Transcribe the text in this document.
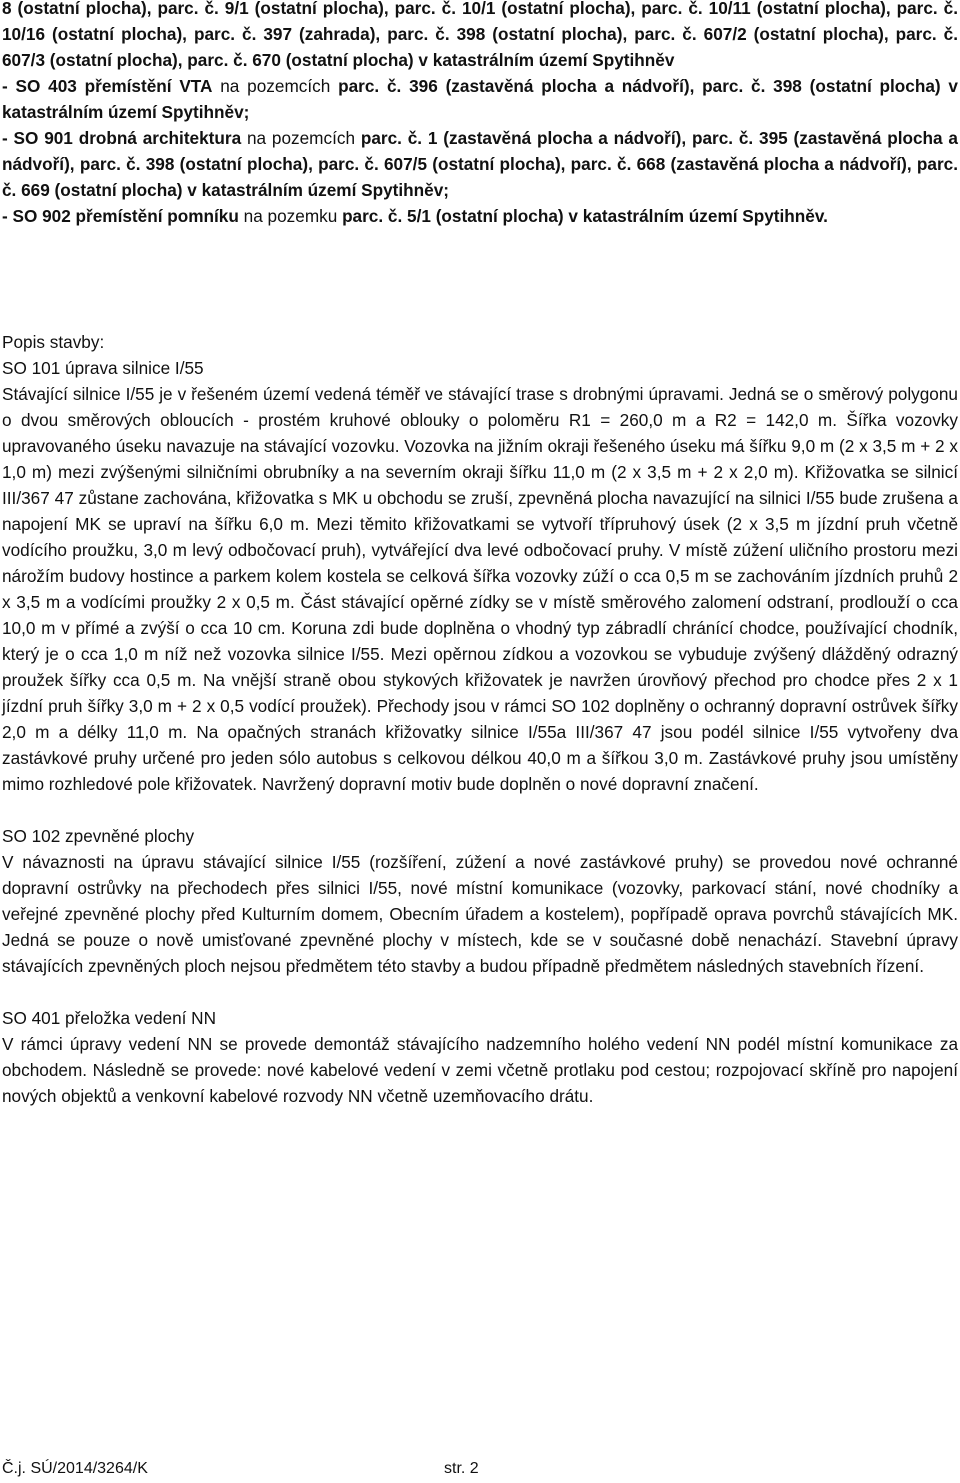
8 (ostatní plocha), parc. č. 9/1 (ostatní plocha), parc. č. 10/1 (ostatní plocha), parc. č. 10/11 (ostatní plocha), parc. č. 10/16 (ostatní plocha), parc. č. 397 (zahrada), parc. č. 398 (ostatní plocha), parc. č. 607/2 (ostatní plocha), parc. č. 607/3 (ostatní plocha), parc. č. 670 (ostatní plocha) v katastrálním území Spytihněv
- SO 403 přemístění VTA na pozemcích parc. č. 396 (zastavěná plocha a nádvoří), parc. č. 398 (ostatní plocha) v katastrálním území Spytihněv;
- SO 901 drobná architektura na pozemcích parc. č. 1 (zastavěná plocha a nádvoří), parc. č. 395 (zastavěná plocha a nádvoří), parc. č. 398 (ostatní plocha), parc. č. 607/5 (ostatní plocha), parc. č. 668 (zastavěná plocha a nádvoří), parc. č. 669 (ostatní plocha) v katastrálním území Spytihněv;
- SO 902 přemístění pomníku na pozemku parc. č. 5/1 (ostatní plocha) v katastrálním území Spytihněv.
Popis stavby:
SO 101 úprava silnice I/55
Stávající silnice I/55 je v řešeném území vedená téměř ve stávající trase s drobnými úpravami. Jedná se o směrový polygonu o dvou směrových obloucích - prostém kruhové oblouky o poloměru R1 = 260,0 m a R2 = 142,0 m. Šířka vozovky upravovaného úseku navazuje na stávající vozovku. Vozovka na jižním okraji řešeného úseku má šířku 9,0 m (2 x 3,5 m + 2 x 1,0 m) mezi zvýšenými silničními obrubníky a na severním okraji šířku 11,0 m (2 x 3,5 m + 2 x 2,0 m). Křižovatka se silnicí III/367 47 zůstane zachována, křižovatka s MK u obchodu se zruší, zpevněná plocha navazující na silnici I/55 bude zrušena a napojení MK se upraví na šířku 6,0 m. Mezi těmito křižovatkami se vytvoří třípruhový úsek (2 x 3,5 m jízdní pruh včetně vodícího proužku, 3,0 m levý odbočovací pruh), vytvářející dva levé odbočovací pruhy. V místě zúžení uličního prostoru mezi nárožím budovy hostince a parkem kolem kostela se celková šířka vozovky zúží o cca 0,5 m se zachováním jízdních pruhů 2 x 3,5 m a vodícími proužky 2 x 0,5 m. Část stávající opěrné zídky se v místě směrového zalomení odstraní, prodlouží o cca 10,0 m v přímé a zvýší o cca 10 cm. Koruna zdi bude doplněna o vhodný typ zábradlí chránící chodce, používající chodník, který je o cca 1,0 m níž než vozovka silnice I/55. Mezi opěrnou zídkou a vozovkou se vybuduje zvýšený dlážděný odrazný proužek šířky cca 0,5 m. Na vnější straně obou stykových křižovatek je navržen úrovňový přechod pro chodce přes 2 x 1 jízdní pruh šířky 3,0 m + 2 x 0,5 vodící proužek). Přechody jsou v rámci SO 102 doplněny o ochranný dopravní ostrůvek šířky 2,0 m a délky 11,0 m. Na opačných stranách křižovatky silnice I/55a III/367 47 jsou podél silnice I/55 vytvořeny dva zastávkové pruhy určené pro jeden sólo autobus s celkovou délkou 40,0 m a šířkou 3,0 m. Zastávkové pruhy jsou umístěny mimo rozhledové pole křižovatek. Navržený dopravní motiv bude doplněn o nové dopravní značení.
SO 102 zpevněné plochy
V návaznosti na úpravu stávající silnice I/55 (rozšíření, zúžení a nové zastávkové pruhy) se provedou nové ochranné dopravní ostrůvky na přechodech přes silnici I/55, nové místní komunikace (vozovky, parkovací stání, nové chodníky a veřejné zpevněné plochy před Kulturním domem, Obecním úřadem a kostelem), popřípadě oprava povrchů stávajících MK. Jedná se pouze o nově umisťované zpevněné plochy v místech, kde se v současné době nenachází. Stavební úpravy stávajících zpevněných ploch nejsou předmětem této stavby a budou případně předmětem následných stavebních řízení.
SO 401 přeložka vedení NN
V rámci úpravy vedení NN se provede demontáž stávajícího nadzemního holého vedení NN podél místní komunikace za obchodem. Následně se provede: nové kabelové vedení v zemi včetně protlaku pod cestou; rozpojovací skříně pro napojení nových objektů a venkovní kabelové rozvody NN včetně uzemňovacího drátu.
Č.j. SÚ/2014/3264/K	str. 2
